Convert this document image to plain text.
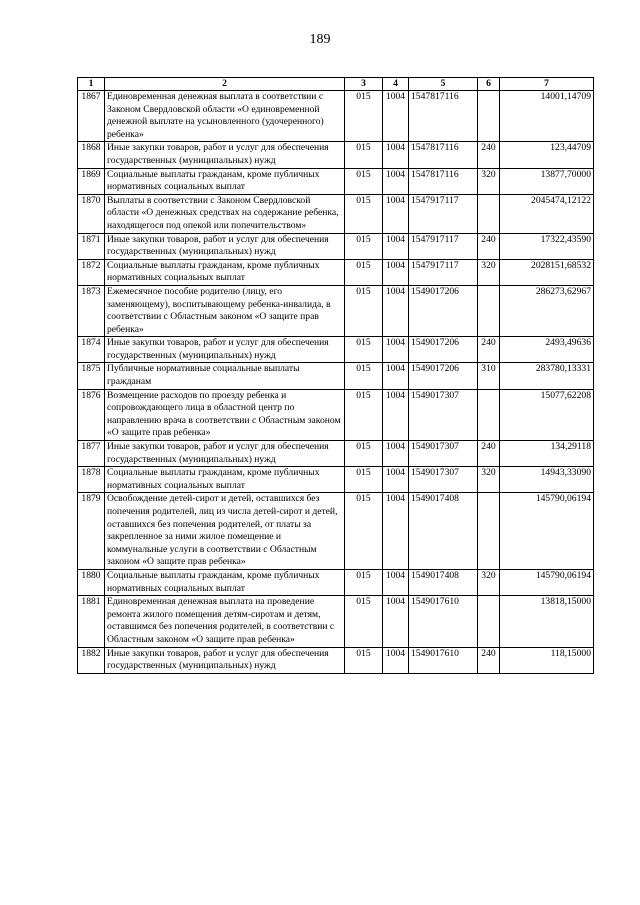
189
1	2	3	4	5	6	7
1867	Единовременная денежная выплата в соответствии с Законом Свердловской области «О единовременной денежной выплате на усыновленного (удочеренного) ребенка»	015	1004	1547817116		14001,14709
1868	Иные закупки товаров, работ и услуг для обеспечения государственных (муниципальных) нужд	015	1004	1547817116	240	123,44709
1869	Социальные выплаты гражданам, кроме публичных нормативных социальных выплат	015	1004	1547817116	320	13877,70000
1870	Выплаты в соответствии с Законом Свердловской области «О денежных средствах на содержание ребенка, находящегося под опекой или попечительством»	015	1004	1547917117		2045474,12122
1871	Иные закупки товаров, работ и услуг для обеспечения государственных (муниципальных) нужд	015	1004	1547917117	240	17322,43590
1872	Социальные выплаты гражданам, кроме публичных нормативных социальных выплат	015	1004	1547917117	320	2028151,68532
1873	Ежемесячное пособие родителю (лицу, его заменяющему), воспитывающему ребенка-инвалида, в соответствии с Областным законом «О защите прав ребенка»	015	1004	1549017206		286273,62967
1874	Иные закупки товаров, работ и услуг для обеспечения государственных (муниципальных) нужд	015	1004	1549017206	240	2493,49636
1875	Публичные нормативные социальные выплаты гражданам	015	1004	1549017206	310	283780,13331
1876	Возмещение расходов по проезду ребенка и сопровождающего лица в областной центр по направлению врача в соответствии с Областным законом «О защите прав ребенка»	015	1004	1549017307		15077,62208
1877	Иные закупки товаров, работ и услуг для обеспечения государственных (муниципальных) нужд	015	1004	1549017307	240	134,29118
1878	Социальные выплаты гражданам, кроме публичных нормативных социальных выплат	015	1004	1549017307	320	14943,33090
1879	Освобождение детей-сирот и детей, оставшихся без попечения родителей, лиц из числа детей-сирот и детей, оставшихся без попечения родителей, от платы за закрепленное за ними жилое помещение и коммунальные услуги в соответствии с Областным законом «О защите прав ребенка»	015	1004	1549017408		145790,06194
1880	Социальные выплаты гражданам, кроме публичных нормативных социальных выплат	015	1004	1549017408	320	145790,06194
1881	Единовременная денежная выплата на проведение ремонта жилого помещения детям-сиротам и детям, оставшимся без попечения родителей, в соответствии с Областным законом «О защите прав ребенка»	015	1004	1549017610		13818,15000
1882	Иные закупки товаров, работ и услуг для обеспечения государственных (муниципальных) нужд	015	1004	1549017610	240	118,15000
